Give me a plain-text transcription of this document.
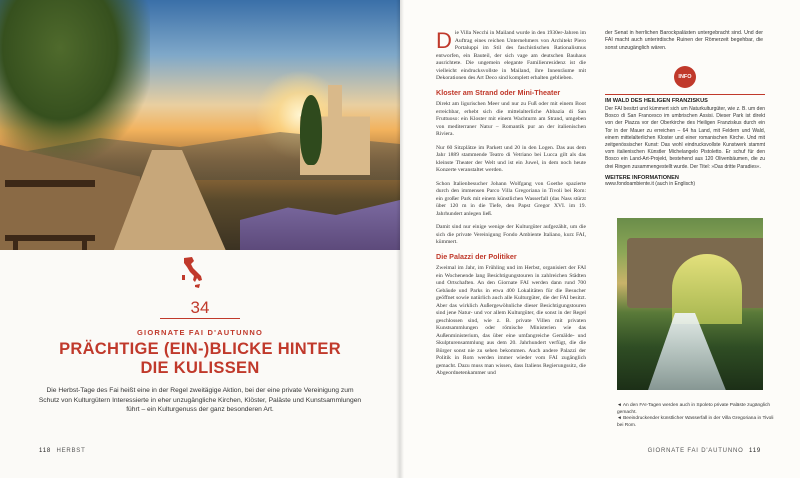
34
GIORNATE FAI D'AUTUNNO
PRÄCHTIGE (EIN-)BLICKE HINTER
DIE KULISSEN
Die Herbst-Tage des Fai heißt eine in der Regel zweitägige Aktion, bei der eine private Vereinigung zum Schutz von Kulturgütern Interessierte in eher unzugängliche Kirchen, Klöster, Paläste und Kunstsammlungen führt – ein Kulturgenuss der ganz besonderen Art.
118 HERBST

Die Villa Necchi in Mailand wurde in den 1930er-Jahren im Auftrag eines reichen Unternehmers von Architekt Piero Portaluppi im Stil des faschistischen Rationalismus entworfen, ein Bauteil, der sich vage am deutschen Bauhaus ausrichtete. Die ungemein elegante Familienresidenz ist die vielleicht eindrucksvollste in Mailand, ihre Innenräume mit Dekorationen des Art Deco sind komplett erhalten geblieben.

Kloster am Strand oder Mini-Theater

Direkt am ligurischen Meer und nur zu Fuß oder mit einem Boot erreichbar, erhebt sich die mittelalterliche Abbazia di San Fruttuoso: ein Kloster mit einem Wachturm am Strand, umgeben von mediterraner Natur – Romantik pur an der italienischen Riviera.

Nur 60 Sitzplätze im Parkett und 20 in den Logen. Das aus dem Jahr 1889 stammende Teatro di Vetriano bei Lucca gilt als das kleinste Theater der Welt und ist ein Juwel, in dem noch heute Konzerte veranstaltet werden.

Schon Italienbesucher Johann Wolfgang von Goethe spazierte durch den immensen Parco Villa Gregoriana in Tivoli bei Rom: ein großer Park mit einem künstlichen Wasserfall (das Nass stürzt über 120 m in die Tiefe, den Papst Gregor XVI. im 19. Jahrhundert anlegen ließ.

Damit sind nur einige wenige der Kulturgüter aufgezählt, um die sich die private Vereinigung Fondo Ambiente Italiano, kurz FAI, kümmert.

Die Palazzi der Politiker

Zweimal im Jahr, im Frühling und im Herbst, organisiert der FAI ein Wochenende lang Besichtigungstouren in zahlreichen Städten und Ortschaften. An den Giornate FAI werden dann rund 700 Gebäude und Parks in etwa 400 Lokalitäten für die Besucher geöffnet sowie natürlich auch alle Kulturgüter, die der FAI besitzt. Aber das wirklich Außergewöhnliche dieser Besichtigungstouren sind jene Natur- und vor allem Kulturgüter, die sonst in der Regel geschlossen sind, wie z. B. private Villen mit privaten Kunstsammlungen oder römische Ministerien wie das Außenministerium, das über eine umfangreiche Gemälde- und Skulpturensammlung aus dem 20. Jahrhundert verfügt, die die Bürger sonst nie zu sehen bekommen. Auch andere Palazzi der Politik in Rom werden immer wieder vom FAI zugänglich gemacht. Dazu muss man wissen, dass Italiens Regierungssitz, die Abgeordnetenkammer und

der Senat in herrlichen Barockpalästen untergebracht sind. Und der FAI macht auch unterirdische Ruinen der Römerzeit begehbar, die sonst unzugänglich wären.

INFO
IM WALD DES HEILIGEN FRANZISKUS
Der FAI besitzt und kümmert sich um Naturkulturgüter, wie z. B. um den Bosco di San Francesco im umbrischen Assisi. Dieser Park ist direkt von der Piazza vor der Oberkirche des Heiligen Franziskus durch ein Tor in der Mauer zu erreichen – 64 ha Land, mit Feldern und Wald, einem mittelalterlichen Kloster und einer romanischen Kirche. Und mit zeitgenössischer Kunst: Das wohl eindrucksvollste Kunstwerk stammt vom italienischen Künstler Michelangelo Pistoletto. Er schuf für den Bosco ein Land-Art-Projekt, bestehend aus 120 Olivenbäumen, die zu drei Ringen zusammengestellt wurde. Der Titel: »Das dritte Paradies«.
WEITERE INFORMATIONEN
www.fondoambiente.it (auch in Englisch)
◄ An den FAI-Tagen werden auch in Spoleto private Paläste zugänglich gemacht.
◄ Beeindruckender künstlicher Wasserfall in der Villa Gregoriana in Tivoli bei Rom.
GIORNATE FAI D'AUTUNNO 119
